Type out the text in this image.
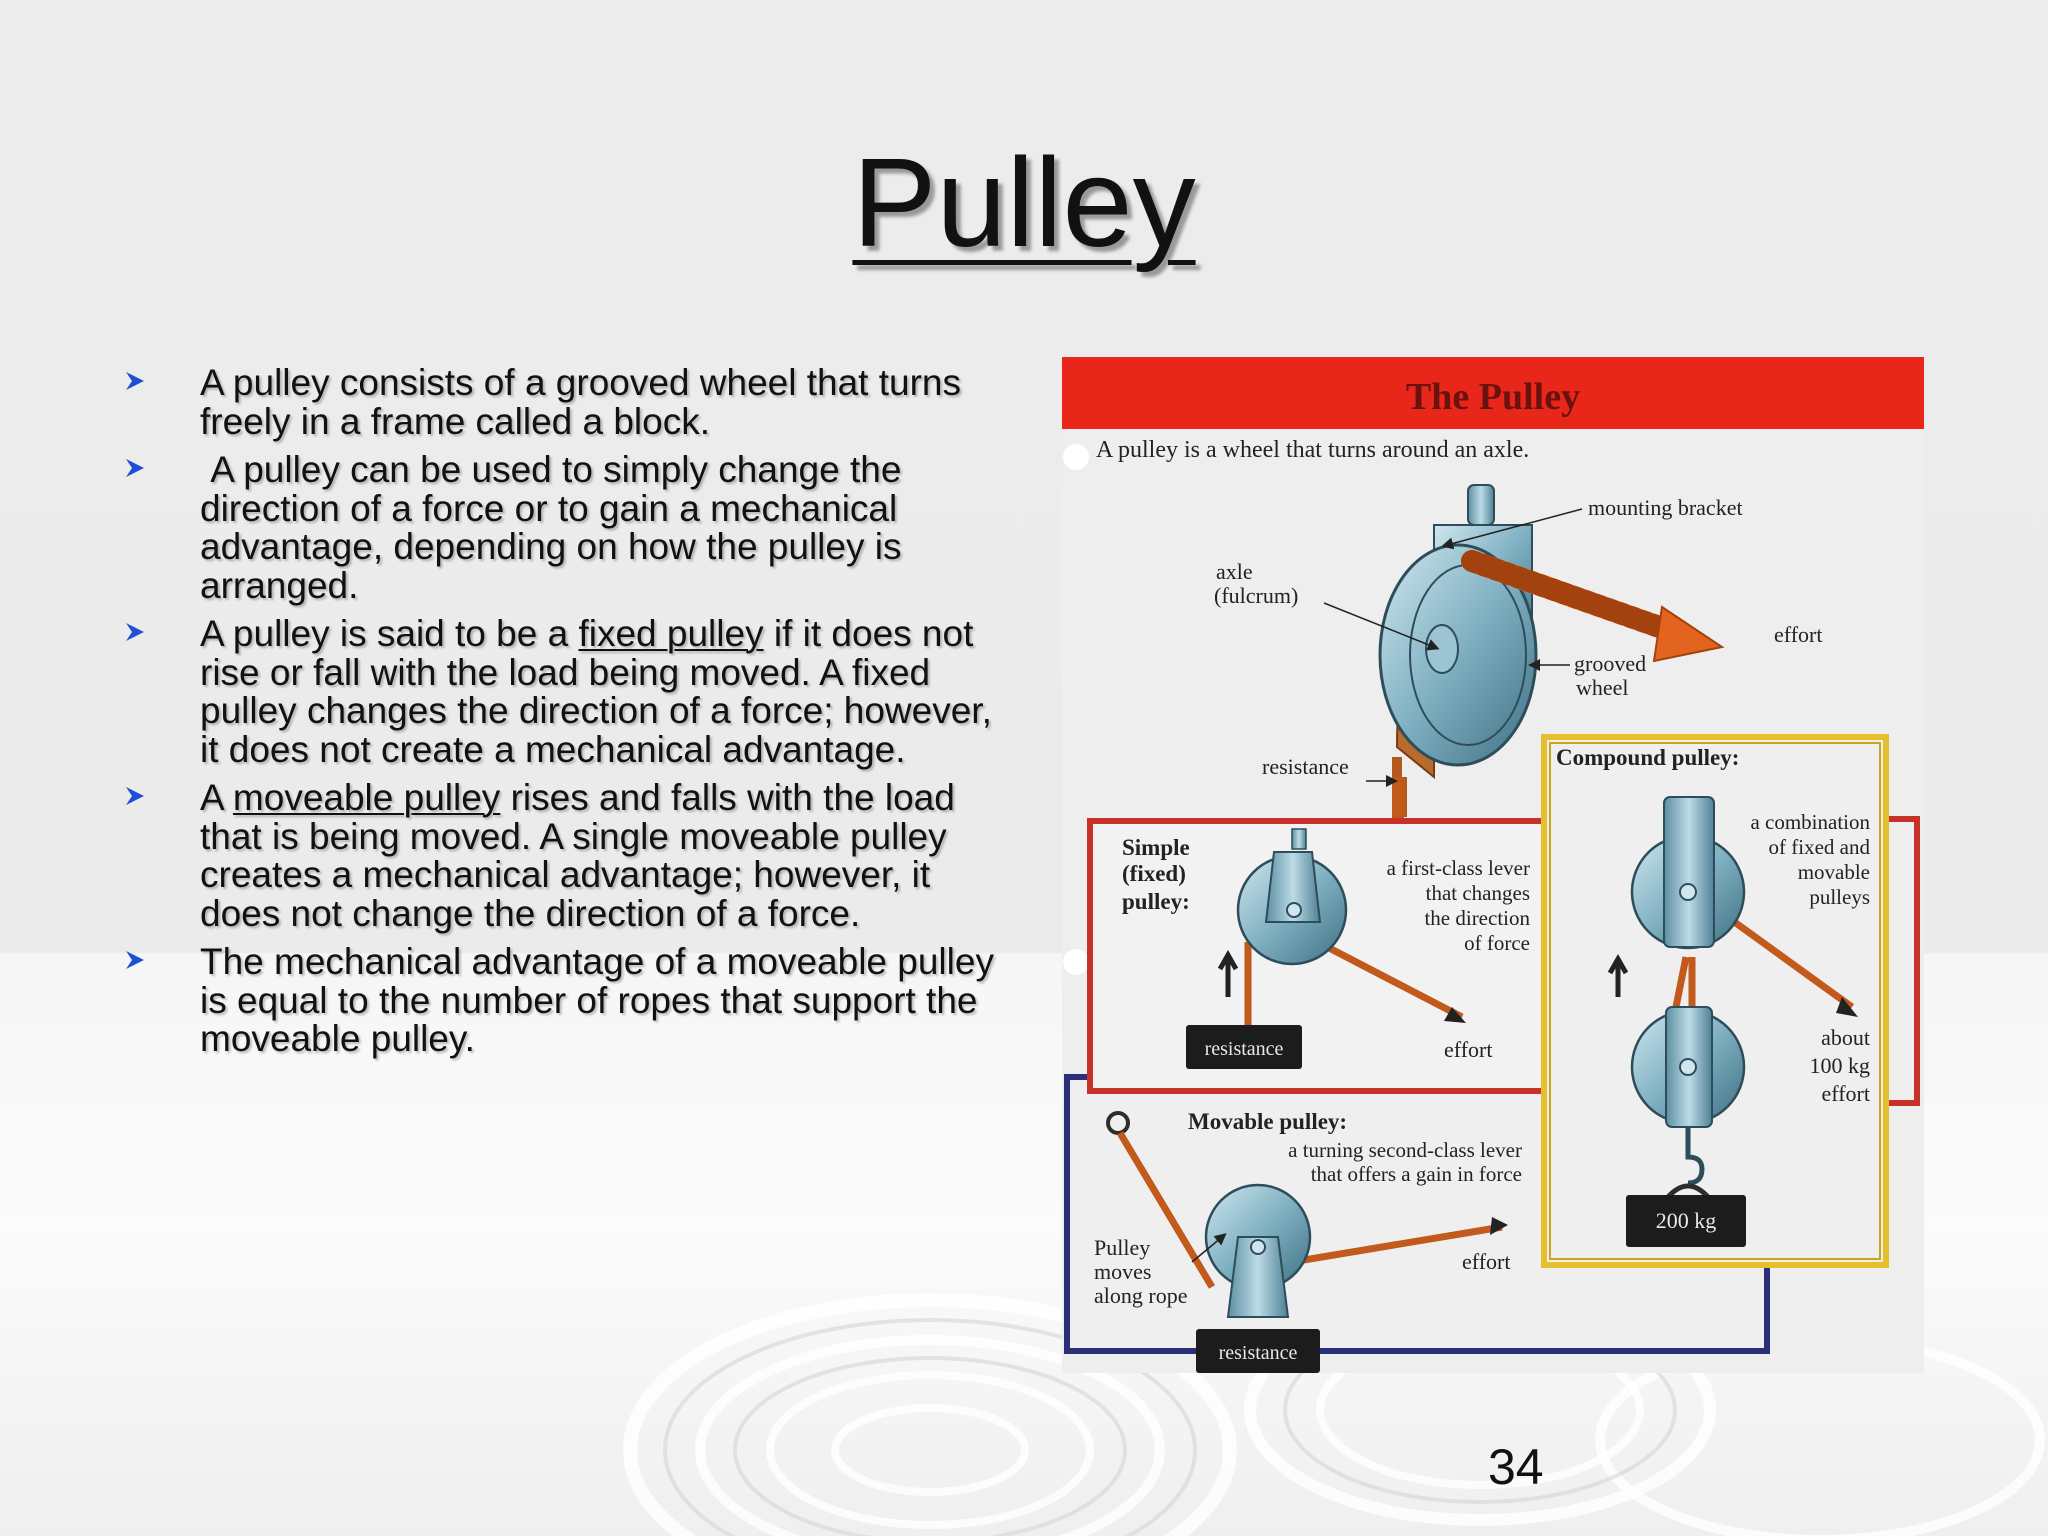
Pulley
A pulley consists of a grooved wheel that turns freely in a frame called a block.
A pulley can be used to simply change the direction of a force or to gain a mechanical advantage, depending on how the pulley is arranged.
A pulley is said to be a fixed pulley if it does not rise or fall with the load being moved. A fixed pulley changes the direction of a force; however, it does not create a mechanical advantage.
A moveable pulley rises and falls with the load that is being moved. A single moveable pulley creates a mechanical advantage; however, it does not change the direction of a force.
The mechanical advantage of a moveable pulley is equal to the number of ropes that support the moveable pulley.
The Pulley
A pulley is a wheel that turns around an axle.
mounting bracket
axle
(fulcrum)
effort
grooved
wheel
resistance
Simple
(fixed)
pulley:
a first-class lever
that changes
the direction
of force
resistance	effort
Compound pulley:
a combination
of fixed and
movable
pulleys
about
100 kg
effort
200 kg
Movable pulley:
a turning second-class lever
that offers a gain in force
Pulley
moves
along rope
effort
resistance
34
